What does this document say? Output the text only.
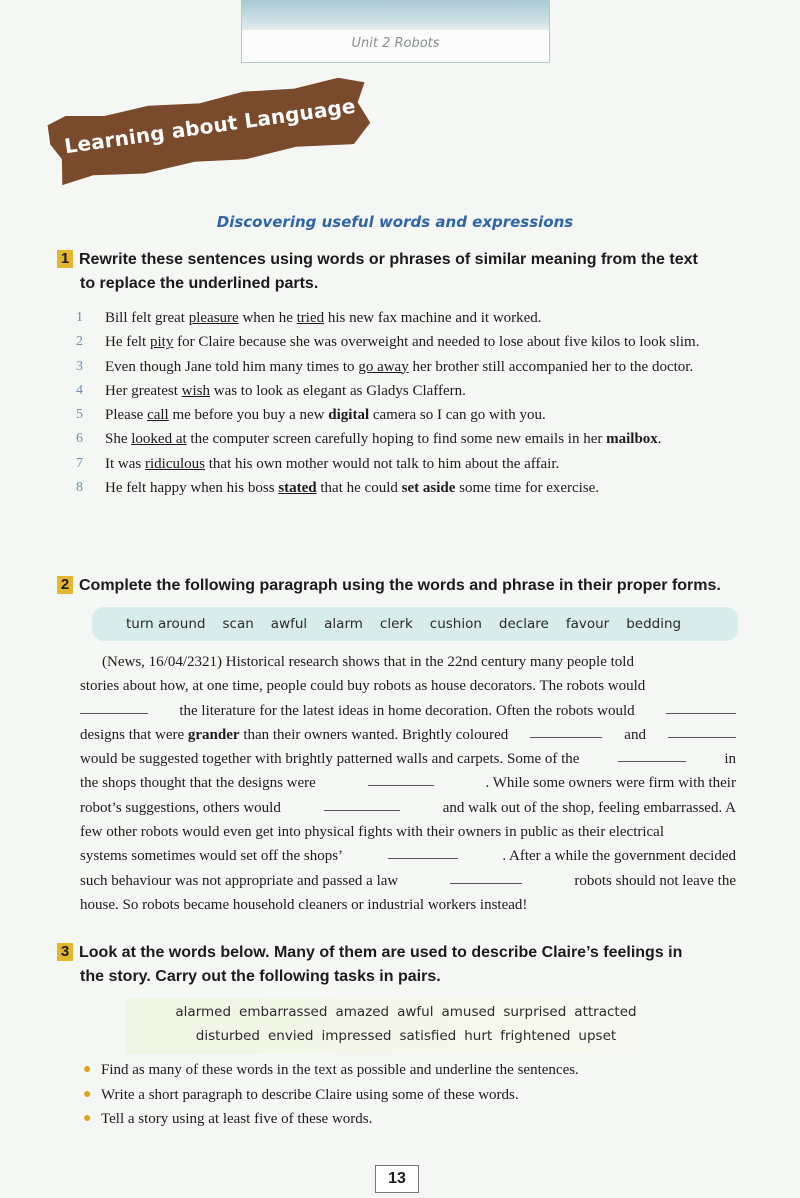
Unit 2 Robots
Learning about Language
Discovering useful words and expressions
1 Rewrite these sentences using words or phrases of similar meaning from the text
to replace the underlined parts.
1	Bill felt great pleasure when he tried his new fax machine and it worked.
2	He felt pity for Claire because she was overweight and needed to lose about five kilos to look slim.
3	Even though Jane told him many times to go away her brother still accompanied her to the doctor.
4	Her greatest wish was to look as elegant as Gladys Claffern.
5	Please call me before you buy a new digital camera so I can go with you.
6	She looked at the computer screen carefully hoping to find some new emails in her mailbox.
7	It was ridiculous that his own mother would not talk to him about the affair.
8	He felt happy when his boss stated that he could set aside some time for exercise.
2 Complete the following paragraph using the words and phrase in their proper forms.
turn around scan awful alarm clerk cushion declare favour bedding
(News, 16/04/2321) Historical research shows that in the 22nd century many people told
stories about how, at one time, people could buy robots as house decorators. The robots would
the literature for the latest ideas in home decoration. Often the robots would
designs that were grander than their owners wanted. Brightly coloured	and
would be suggested together with brightly patterned walls and carpets. Some of the	in
the shops thought that the designs were	. While some owners were firm with their
robot’s suggestions, others would	and walk out of the shop, feeling embarrassed. A
few other robots would even get into physical fights with their owners in public as their electrical
systems sometimes would set off the shops’	. After a while the government decided
such behaviour was not appropriate and passed a law	robots should not leave the
house. So robots became household cleaners or industrial workers instead!
3 Look at the words below. Many of them are used to describe Claire’s feelings in
the story. Carry out the following tasks in pairs.
alarmed embarrassed amazed awful amused surprised attracted
disturbed envied impressed satisfied hurt frightened upset
● Find as many of these words in the text as possible and underline the sentences.
● Write a short paragraph to describe Claire using some of these words.
● Tell a story using at least five of these words.
13
